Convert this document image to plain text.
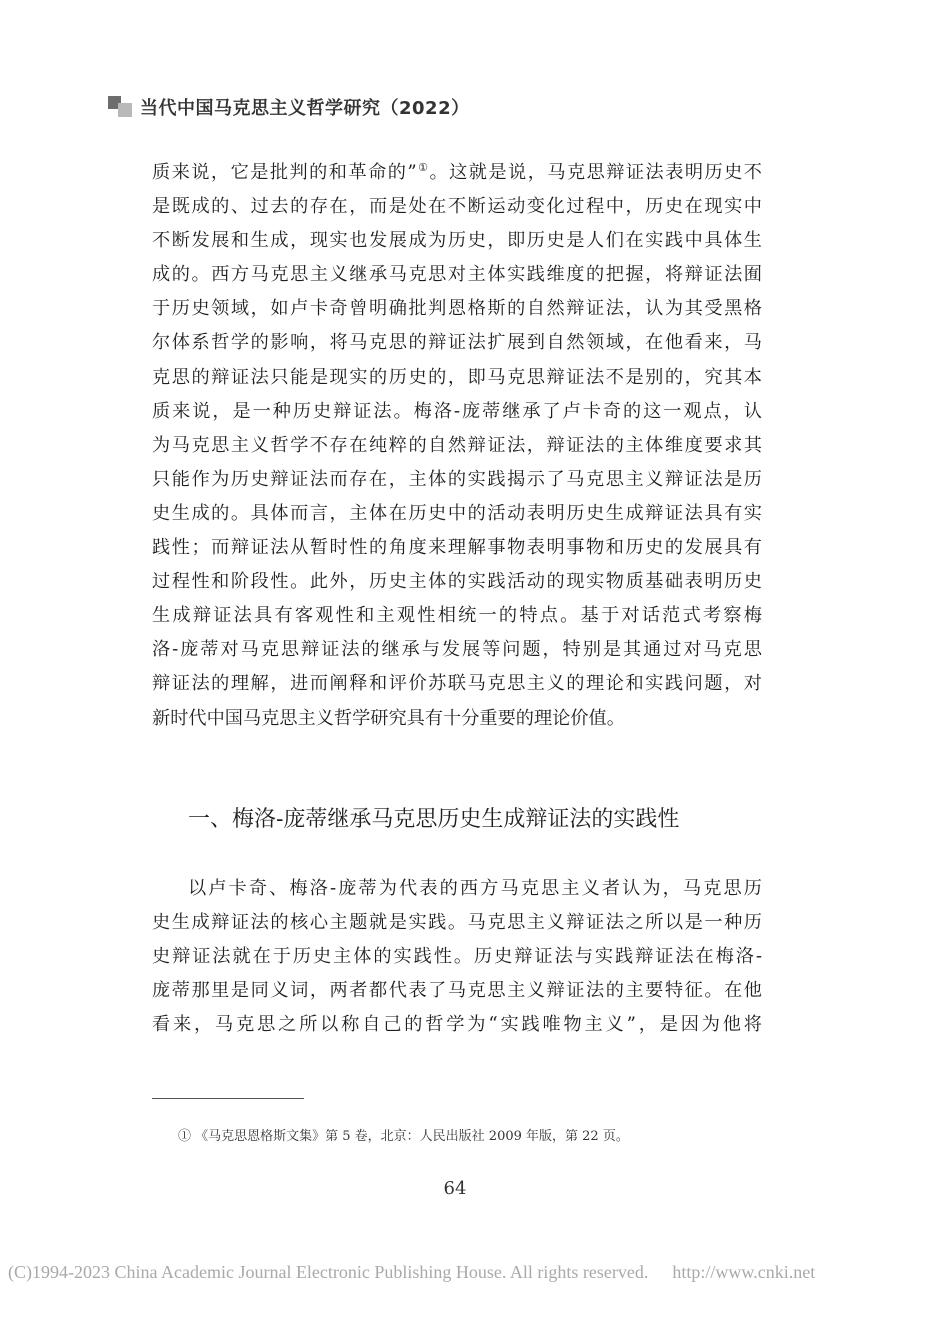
当代中国马克思主义哲学研究（2022）
质来说，它是批判的和革命的”①。这就是说，马克思辩证法表明历史不
是既成的、过去的存在，而是处在不断运动变化过程中，历史在现实中
不断发展和生成，现实也发展成为历史，即历史是人们在实践中具体生
成的。西方马克思主义继承马克思对主体实践维度的把握，将辩证法囿
于历史领域，如卢卡奇曾明确批判恩格斯的自然辩证法，认为其受黑格
尔体系哲学的影响，将马克思的辩证法扩展到自然领域，在他看来，马
克思的辩证法只能是现实的历史的，即马克思辩证法不是别的，究其本
质来说，是一种历史辩证法。梅洛-庞蒂继承了卢卡奇的这一观点，认
为马克思主义哲学不存在纯粹的自然辩证法，辩证法的主体维度要求其
只能作为历史辩证法而存在，主体的实践揭示了马克思主义辩证法是历
史生成的。具体而言，主体在历史中的活动表明历史生成辩证法具有实
践性；而辩证法从暂时性的角度来理解事物表明事物和历史的发展具有
过程性和阶段性。此外，历史主体的实践活动的现实物质基础表明历史
生成辩证法具有客观性和主观性相统一的特点。基于对话范式考察梅
洛-庞蒂对马克思辩证法的继承与发展等问题，特别是其通过对马克思
辩证法的理解，进而阐释和评价苏联马克思主义的理论和实践问题，对
新时代中国马克思主义哲学研究具有十分重要的理论价值。
一、梅洛-庞蒂继承马克思历史生成辩证法的实践性
以卢卡奇、梅洛-庞蒂为代表的西方马克思主义者认为，马克思历
史生成辩证法的核心主题就是实践。马克思主义辩证法之所以是一种历
史辩证法就在于历史主体的实践性。历史辩证法与实践辩证法在梅洛-
庞蒂那里是同义词，两者都代表了马克思主义辩证法的主要特征。在他
看来，马克思之所以称自己的哲学为“实践唯物主义”，是因为他将
① 《马克思恩格斯文集》第 5 卷，北京：人民出版社 2009 年版，第 22 页。
64
(C)1994-2023 China Academic Journal Electronic Publishing House. All rights reserved. http://www.cnki.net
